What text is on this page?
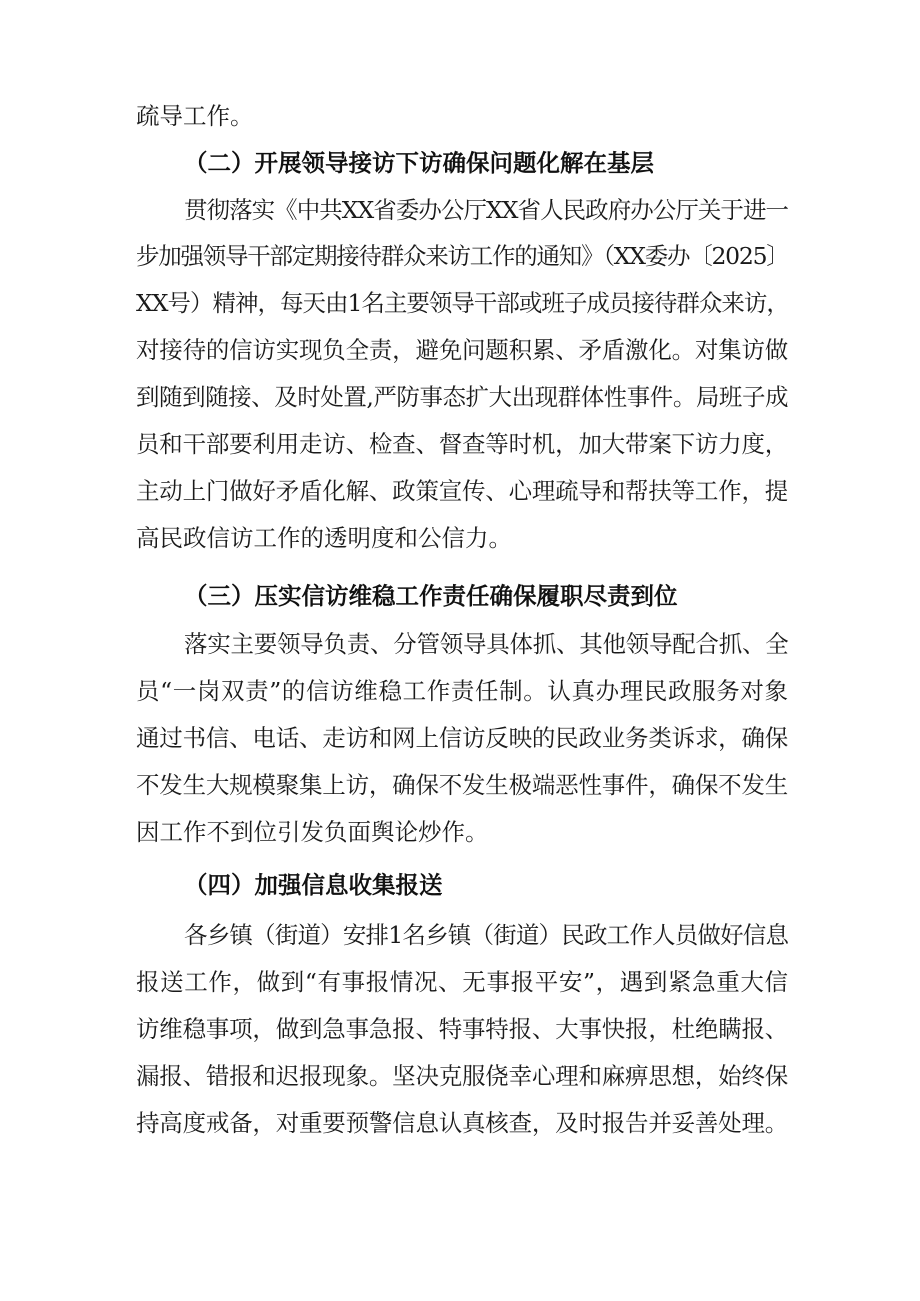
疏导工作。
（二）开展领导接访下访确保问题化解在基层
贯彻落实《中共XX省委办公厅XX省人民政府办公厅关于进一
步加强领导干部定期接待群众来访工作的通知》（XX委办〔2025〕
XX号）精神，每天由1名主要领导干部或班子成员接待群众来访，
对接待的信访实现负全责，避免问题积累、矛盾激化。对集访做
到随到随接、及时处置,严防事态扩大出现群体性事件。局班子成
员和干部要利用走访、检查、督查等时机，加大带案下访力度，
主动上门做好矛盾化解、政策宣传、心理疏导和帮扶等工作，提
高民政信访工作的透明度和公信力。
（三）压实信访维稳工作责任确保履职尽责到位
落实主要领导负责、分管领导具体抓、其他领导配合抓、全
员“一岗双责”的信访维稳工作责任制。认真办理民政服务对象
通过书信、电话、走访和网上信访反映的民政业务类诉求，确保
不发生大规模聚集上访，确保不发生极端恶性事件，确保不发生
因工作不到位引发负面舆论炒作。
（四）加强信息收集报送
各乡镇（街道）安排1名乡镇（街道）民政工作人员做好信息
报送工作，做到“有事报情况、无事报平安”，遇到紧急重大信
访维稳事项，做到急事急报、特事特报、大事快报，杜绝瞒报、
漏报、错报和迟报现象。坚决克服侥幸心理和麻痹思想，始终保
持高度戒备，对重要预警信息认真核查，及时报告并妥善处理。
